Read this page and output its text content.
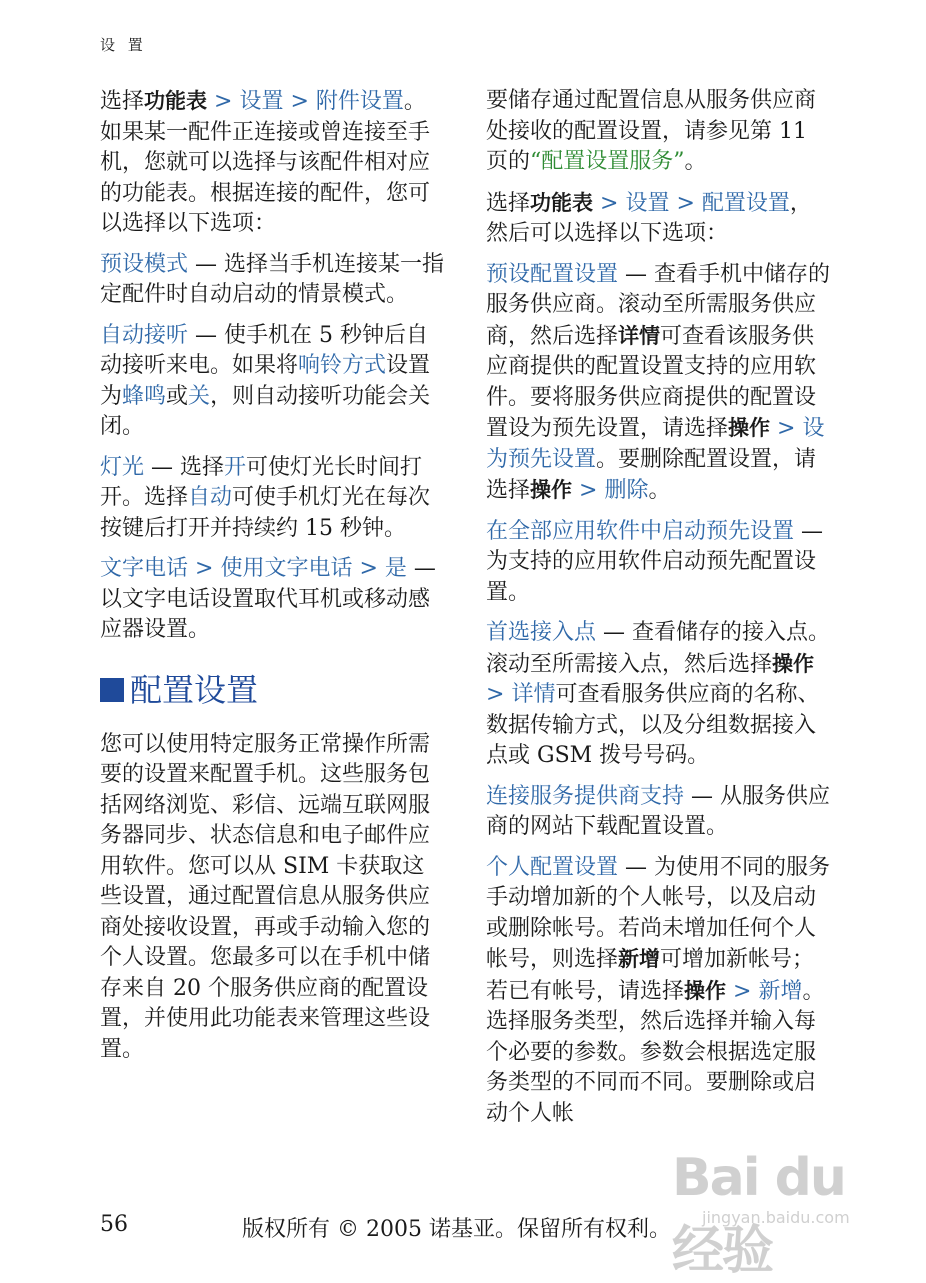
设 置

选择功能表 > 设置 > 附件设置。如果某一配件正连接或曾连接至手机，您就可以选择与该配件相对应的功能表。根据连接的配件，您可以选择以下选项：

预设模式 — 选择当手机连接某一指定配件时自动启动的情景模式。

自动接听 — 使手机在 5 秒钟后自动接听来电。如果将响铃方式设置为蜂鸣或关，则自动接听功能会关闭。

灯光 — 选择开可使灯光长时间打开。选择自动可使手机灯光在每次按键后打开并持续约 15 秒钟。

文字电话 > 使用文字电话 > 是 — 以文字电话设置取代耳机或移动感应器设置。

配置设置

您可以使用特定服务正常操作所需要的设置来配置手机。这些服务包括网络浏览、彩信、远端互联网服务器同步、状态信息和电子邮件应用软件。您可以从 SIM 卡获取这些设置，通过配置信息从服务供应商处接收设置，再或手动输入您的个人设置。您最多可以在手机中储存来自 20 个服务供应商的配置设置，并使用此功能表来管理这些设置。

要储存通过配置信息从服务供应商处接收的配置设置，请参见第 11 页的“配置设置服务”。

选择功能表 > 设置 > 配置设置，然后可以选择以下选项：

预设配置设置 — 查看手机中储存的服务供应商。滚动至所需服务供应商，然后选择详情可查看该服务供应商提供的配置设置支持的应用软件。要将服务供应商提供的配置设置设为预先设置，请选择操作 > 设为预先设置。要删除配置设置，请选择操作 > 删除。

在全部应用软件中启动预先设置 — 为支持的应用软件启动预先配置设置。

首选接入点 — 查看储存的接入点。滚动至所需接入点，然后选择操作 > 详情可查看服务供应商的名称、数据传输方式，以及分组数据接入点或 GSM 拨号号码。

连接服务提供商支持 — 从服务供应商的网站下载配置设置。

个人配置设置 — 为使用不同的服务手动增加新的个人帐号，以及启动或删除帐号。若尚未增加任何个人帐号，则选择新增可增加新帐号；若已有帐号，请选择操作 > 新增。选择服务类型，然后选择并输入每个必要的参数。参数会根据选定服务类型的不同而不同。要删除或启动个人帐

Bai du 经验
jingyan.baidu.com
56	版权所有 © 2005 诺基亚。保留所有权利。
